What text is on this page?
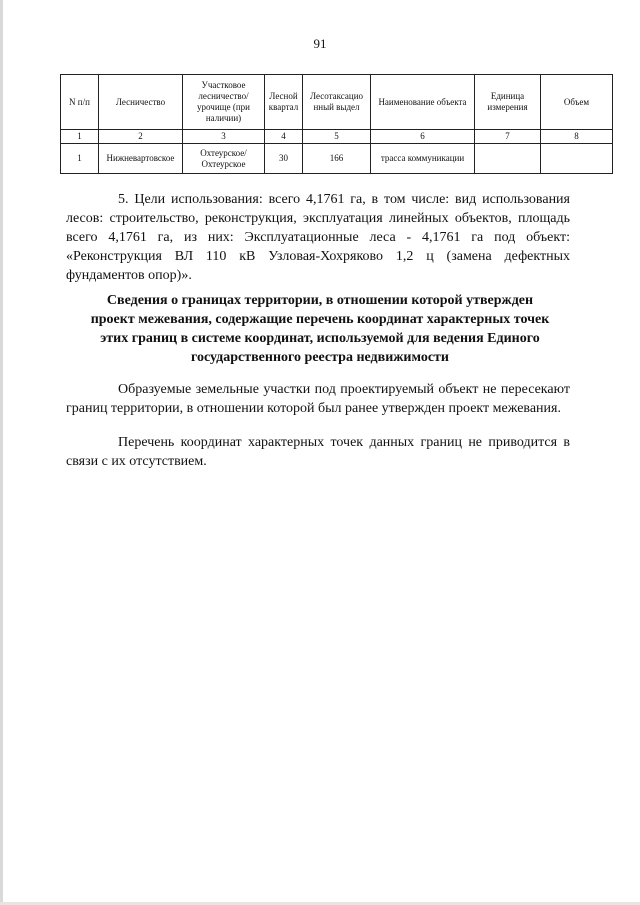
91
N п/п	Лесничество	Участковое лесничество/ урочище (при наличии)	Лесной квартал	Лесотаксацио нный выдел	Наименование объекта	Единица измерения	Объем
1	2	3	4	5	6	7	8
1	Нижневартовское	Охтеурское/ Охтеурское	30	166	трасса коммуникации		
5. Цели использования: всего 4,1761 га, в том числе: вид использования лесов: строительство, реконструкция, эксплуатация линейных объектов, площадь всего 4,1761 га, из них: Эксплуатационные леса - 4,1761 га под объект: «Реконструкция ВЛ 110 кВ Узловая-Хохряково 1,2 ц (замена дефектных фундаментов опор)».
Сведения о границах территории, в отношении которой утвержден проект межевания, содержащие перечень координат характерных точек этих границ в системе координат, используемой для ведения Единого государственного реестра недвижимости
Образуемые земельные участки под проектируемый объект не пересекают границ территории, в отношении которой был ранее утвержден проект межевания.
Перечень координат характерных точек данных границ не приводится в связи с их отсутствием.
